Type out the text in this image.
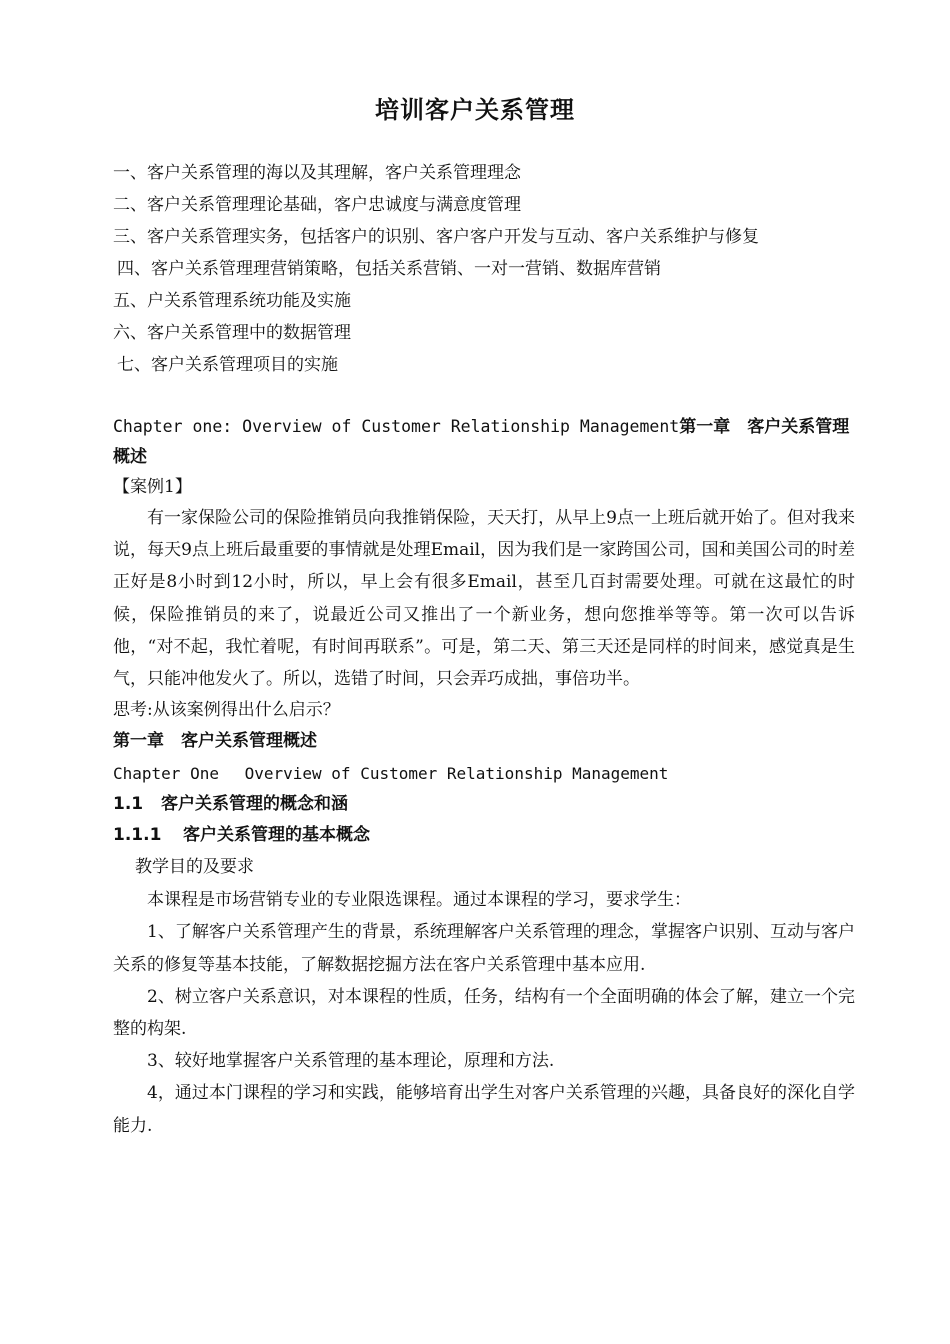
培训客户关系管理
一、客户关系管理的海以及其理解，客户关系管理理念
二、客户关系管理理论基础，客户忠诚度与满意度管理
三、客户关系管理实务，包括客户的识别、客户客户开发与互动、客户关系维护与修复
四、客户关系管理理营销策略，包括关系营销、一对一营销、数据库营销
五、户关系管理系统功能及实施
六、客户关系管理中的数据管理
七、客户关系管理项目的实施
Chapter one: Overview of Customer Relationship Management第一章　客户关系管理概述
【案例1】
有一家保险公司的保险推销员向我推销保险，天天打，从早上9点一上班后就开始了。但对我来说，每天9点上班后最重要的事情就是处理Email，因为我们是一家跨国公司，国和美国公司的时差正好是8小时到12小时，所以，早上会有很多Email，甚至几百封需要处理。可就在这最忙的时候，保险推销员的来了，说最近公司又推出了一个新业务，想向您推举等等。第一次可以告诉他，“对不起，我忙着呢，有时间再联系”。可是，第二天、第三天还是同样的时间来，感觉真是生气，只能冲他发火了。所以，选错了时间，只会弄巧成拙，事倍功半。
思考:从该案例得出什么启示？
第一章　客户关系管理概述
Chapter One　 Overview of Customer Relationship Management
1.1 客户关系管理的概念和涵
1.1.1 客户关系管理的基本概念
教学目的及要求
本课程是市场营销专业的专业限选课程。通过本课程的学习，要求学生：
1、了解客户关系管理产生的背景，系统理解客户关系管理的理念，掌握客户识别、互动与客户关系的修复等基本技能，了解数据挖掘方法在客户关系管理中基本应用.
2、树立客户关系意识，对本课程的性质，任务，结构有一个全面明确的体会了解，建立一个完整的构架.
3、较好地掌握客户关系管理的基本理论，原理和方法.
4，通过本门课程的学习和实践，能够培育出学生对客户关系管理的兴趣，具备良好的深化自学能力.
